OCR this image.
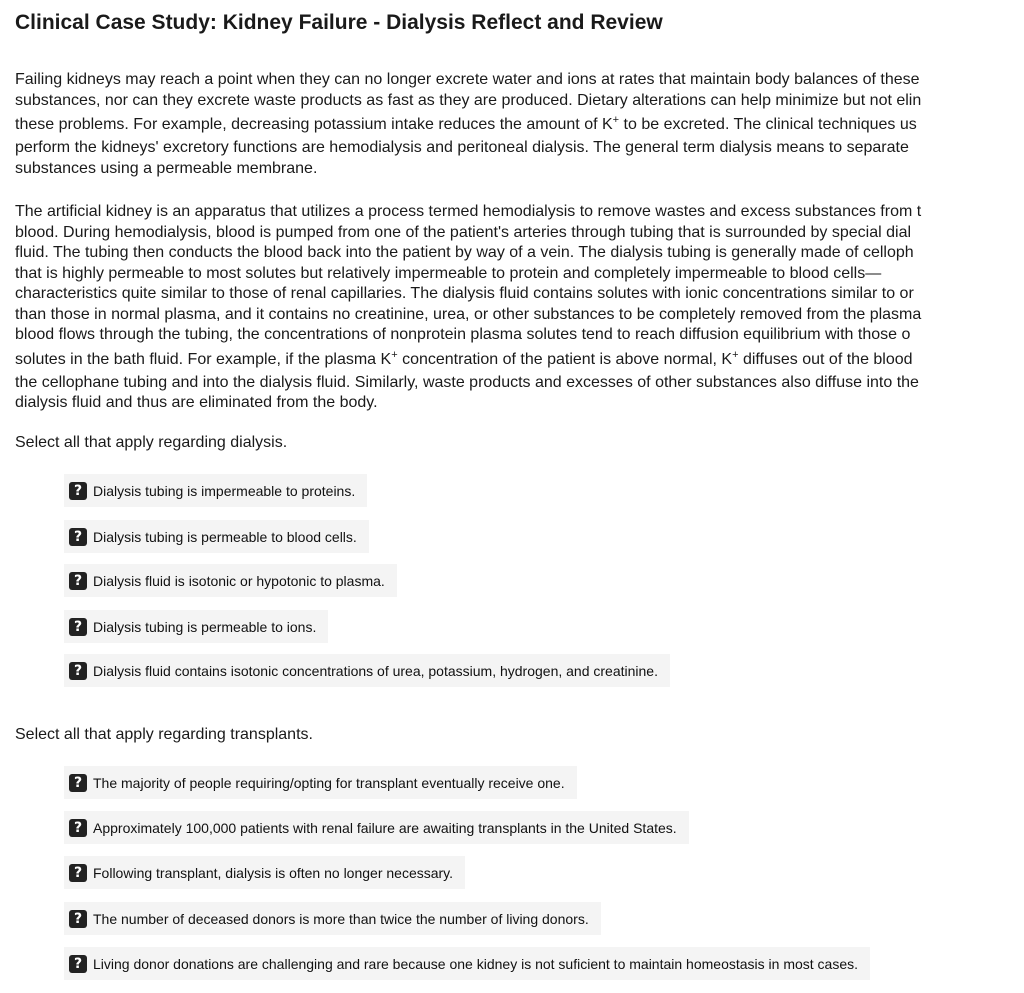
Clinical Case Study: Kidney Failure - Dialysis Reflect and Review
Failing kidneys may reach a point when they can no longer excrete water and ions at rates that maintain body balances of these
substances, nor can they excrete waste products as fast as they are produced. Dietary alterations can help minimize but not elin
these problems. For example, decreasing potassium intake reduces the amount of K+ to be excreted. The clinical techniques us
perform the kidneys' excretory functions are hemodialysis and peritoneal dialysis. The general term dialysis means to separate
substances using a permeable membrane.
The artificial kidney is an apparatus that utilizes a process termed hemodialysis to remove wastes and excess substances from t
blood. During hemodialysis, blood is pumped from one of the patient's arteries through tubing that is surrounded by special dial
fluid. The tubing then conducts the blood back into the patient by way of a vein. The dialysis tubing is generally made of celloph
that is highly permeable to most solutes but relatively impermeable to protein and completely impermeable to blood cells—
characteristics quite similar to those of renal capillaries. The dialysis fluid contains solutes with ionic concentrations similar to or
than those in normal plasma, and it contains no creatinine, urea, or other substances to be completely removed from the plasma
blood flows through the tubing, the concentrations of nonprotein plasma solutes tend to reach diffusion equilibrium with those o
solutes in the bath fluid. For example, if the plasma K+ concentration of the patient is above normal, K+ diffuses out of the blood
the cellophane tubing and into the dialysis fluid. Similarly, waste products and excesses of other substances also diffuse into the
dialysis fluid and thus are eliminated from the body.

Select all that apply regarding dialysis.

? Dialysis tubing is impermeable to proteins.
? Dialysis tubing is permeable to blood cells.
? Dialysis fluid is isotonic or hypotonic to plasma.
? Dialysis tubing is permeable to ions.
? Dialysis fluid contains isotonic concentrations of urea, potassium, hydrogen, and creatinine.

Select all that apply regarding transplants.

? The majority of people requiring/opting for transplant eventually receive one.
? Approximately 100,000 patients with renal failure are awaiting transplants in the United States.
? Following transplant, dialysis is often no longer necessary.
? The number of deceased donors is more than twice the number of living donors.
? Living donor donations are challenging and rare because one kidney is not suficient to maintain homeostasis in most cases.
